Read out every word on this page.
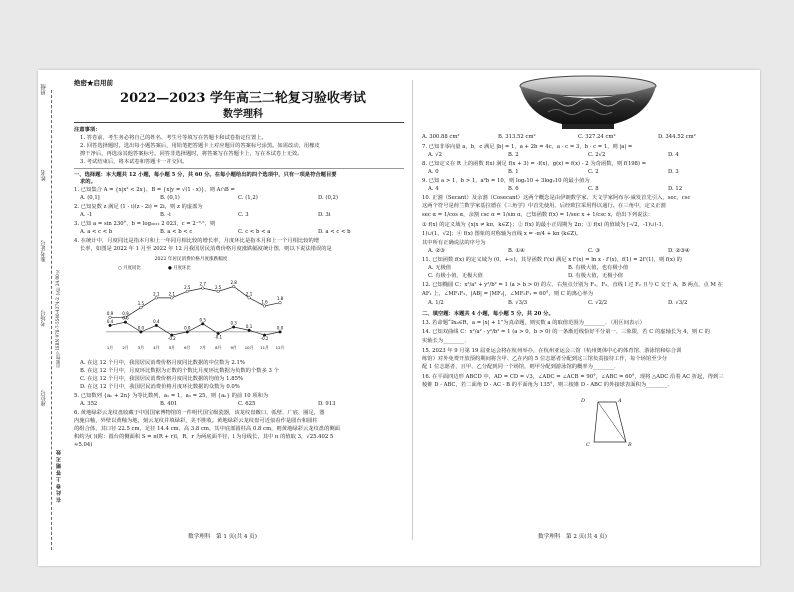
班级
姓名
准考证号
考场号
座位号
出版物号 ISBN 978-7-5540-4374-2 定价 24.00元
在 此 卷 上 答 题 无 效
绝密★启用前
2022—2023 学年高三二轮复习验收考试
数学理科
注意事项：
1. 答卷前，考生务必将自己的姓名、考生号等填写在答题卡和试卷指定位置上。
2. 回答选择题时，选出每小题答案后，用铅笔把答题卡上对应题目的答案标号涂黑。如需改动，用橡皮
擦干净后，再选涂其他答案标号。回答非选择题时，将答案写在答题卡上，写在本试卷上无效。
3. 考试结束后，将本试卷和答题卡一并交回。
一、选择题：本大题共 12 小题，每小题 5 分，共 60 分。在每小题给出的四个选项中，只有一项是符合题目要
求的。
1. 已知集合 A = {x|x² < 2x}，B = {x|y = √(1 - x)}，则 A∩B =
A. (0,1]	B. (0,1)	C. (1,2)	D. (0,2)
2. 已知复数 z 满足 (1 - i)(z - 2i) = 2i，则 z 的虚部为
A. -1	B. -i	C. 3	D. 3i
3. 已知 a = sin 230°，b = log₂₀₂₂ 2 023，c = 2⁻⁰·⁵，则
A. a < c < b	B. a < b < c	C. c < b < a	D. a < c < b
4. 在统计中，月度同比是指本月和上一年同月相比较的增长率，月度环比是指本月和上一个月相比较的增
长率，如图是 2022 年 1 月至 2022 年 12 月我国居民消费价格月度涨跌幅度统计图，则以下说法错误的是
2022 年居民消费价格月度涨跌幅度
○ 月度同比	● 月度环比
0.9 0.9
1.5
2.1 2.1
2.5
2.7
2.5
2.8
2.1
1.6
1.8
0.4
0.6
0.0
0.4
-0.2
0.0
0.5
-0.1
0.3
0.1
-0.2
0.0
1月 2月 3月 4月 5月 6月 7月 8月 9月 10月 11月 12月
A. 在这 12 个月中，我国居民消费价格月度同比数据的中位数为 2.1%
B. 在这 12 个月中，月度环比数据为正数的个数比月度环比数据为负数的个数多 3 个
C. 在这 12 个月中，我国居民消费价格月度同比数据的均值为 1.85%
D. 在这 12 个月中，我国居民消费价格月度环比数据的众数为 0.0%
5. 已知数列 {aₙ + 2n} 为等比数列，a₁ = 1，a₃ = 25，则 {aₙ} 的前 10 项和为
A. 352	B. 401	C. 625	D. 913
6. 黄地绿彩云龙纹盘收藏于中国国家博物馆的一件明代国宝级瓷器，该龙纹盘敞口、弧壁、广底、圈足，器
内施白釉，外壁以黄釉为地，刻云龙纹并填绿彩，美不胜收。黄地绿彩云龙纹盘可近似看作是圆台和圆柱
的组合体，其口径 22.5 cm，足径 14.4 cm，高 3.8 cm，其中底部圆柱高 0.8 cm，则黄地绿彩云龙纹盘的侧面
积约为( )(附：圆台的侧面积 S = π(R + r)l，R，r 为两底面半径，l 为母线长，其中 π 的值取 3，√25.402 5
≈5.04)
数学理科　第 1 页(共 4 页)
A. 300.88 cm²	B. 313.52 cm²	C. 327.24 cm²	D. 344.52 cm²
7. 已知非零向量 a，b，c 满足 |b| = 1，a + 2b = 4c，a - c = 3，b · c = 1，则 |a| =
A. √2	B. 2	C. 2√2	D. 4
8. 已知定义在 R 上的函数 f(x) 满足 f(x + 3) = -f(x)，g(x) = f(x) - 2 为奇函数，则 f(198) =
A. 0	B. 1	C. 2	D. 3
9. 已知 a > 1，b > 1，a²b = 10，则 log₂10 + 3log₂10 的最小值为
A. 4	B. 6	C. 8	D. 12
10. 正割（Secant）及余割（Cosecant）这两个概念是由伊朗数学家、天文学家阿布尔·威发首先引入，sec，csc
这两个符号是荷兰数学家基拉德在《三角学》中首先使用，后经欧拉采用得以通行。在三角中，定义正割
sec α = 1/cos α，余割 csc α = 1/sin α，已知函数 f(x) = 1/sec x + 1/csc x，给出下列说法：
① f(x) 的定义域为 {x|x ≠ kπ，k∈Z}；② f(x) 的最小正周期为 2π；③ f(x) 的值域为 [-√2，-1)∪(-1，
1)∪(1，√2]；④ f(x) 图象的对称轴为直线 x = -π/4 + kπ (k∈Z)。
其中所有正确说法的序号为
A. ②③	B. ①④	C. ③	D. ②③④
11. 已知函数 f(x) 的定义域为 (0，+∞)，其导函数 f'(x) 满足 x f'(x) = ln x - f'(x)，f(1) = 2f'(1)，则 f(x) 的
A. 无极值	B. 有极大值，也有极小值
C. 有极小值，无极大值	D. 有极大值，无极小值
12. 已知椭圆 C：x²/a² + y²/b² = 1 (a > b > 0) 的左、右焦点分别为 F₁，F₂，直线 l 过 F₂ 且与 C 交于 A，B 两点，点 M 在
AF₁ 上，∠MF₁F₂，|AB| = |MF₂|，∠MF₂F₁ = 60°，则 C 的离心率为
A. 1/2	B. √3/3	C. √2/2	D. √3/2
二、填空题：本题共 4 小题，每小题 5 分，共 20 分。
13. 若命题“∃x₀∈R，a = |x| + 1”为真命题，则实数 a 的取值范围为________．（用区间表示）
14. 已知双曲线 C：x²/a² - y²/b² = 1 (a > 0，b > 0) 的一条渐近线恰好平分第一、三象限，若 C 的虚轴长为 4，则 C 的
实轴长为________．
15. 2023 年 9 月第 19 届亚运会将在杭州举办，在杭州亚运会三馆（杭州奥体中心的体育馆、游泳馆和综合训
练馆）对外免费开放预约期间将含甲、乙在内的 5 位志愿者分配到这三馆负责接待工作，每个场馆至少分
配 1 位志愿者，且甲、乙分配到同一个场馆，则甲分配到游泳馆的概率为________．
16. 在平面四边形 ABCD 中，AD = CD = √3，∠ADC = ∠ACB = 90°，∠ABC = 60°，现将 △ADC 沿着 AC 折起，得到三
棱锥 D - ABC，若二面角 D - AC - B 的平面角为 135°，则三棱锥 D - ABC 的外接球表面积为________．
D	A
B
C
数学理科　第 2 页(共 4 页)
